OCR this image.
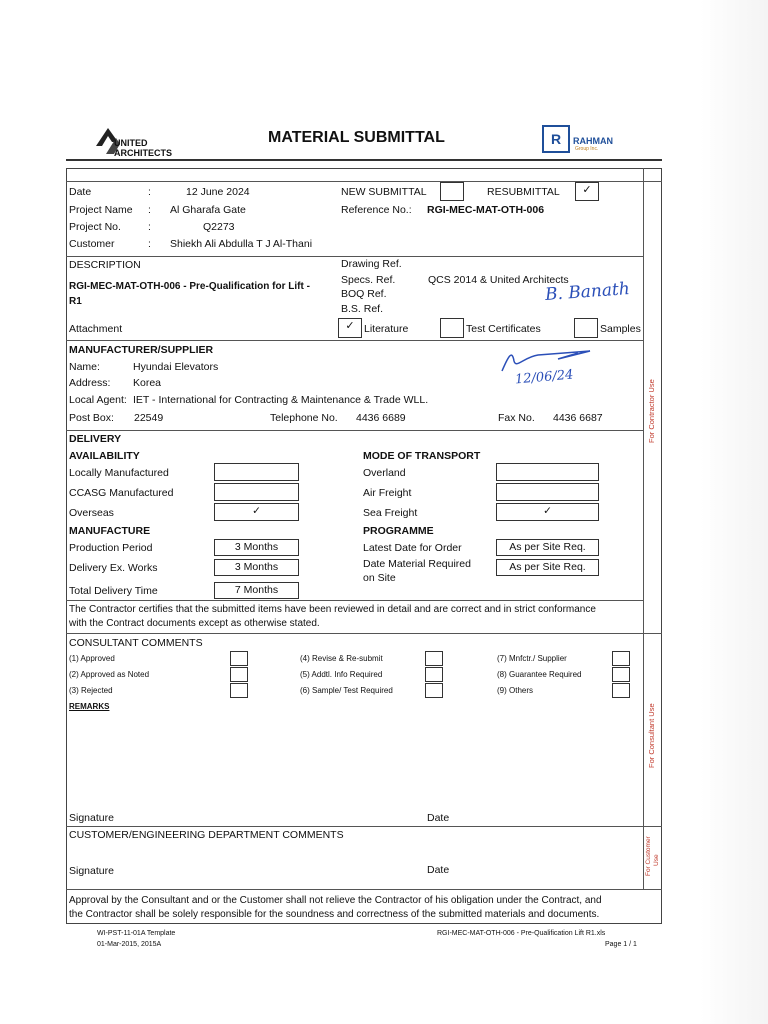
UNITED ARCHITECTS
MATERIAL SUBMITTAL	R	RAHMAN
Group Inc.
Date	:	12 June 2024
Project Name : Al Gharafa Gate
Project No.	:	Q2273
Customer	: Shiekh Ali Abdulla T J Al-Thani
NEW SUBMITTAL	RESUBMITTAL	✓
Reference No.: RGI-MEC-MAT-OTH-006
DESCRIPTION
RGI-MEC-MAT-OTH-006 - Pre-Qualification for Lift -
R1
Drawing Ref.
Specs. Ref.	QCS 2014 & United Architects
BOQ Ref.
B.S. Ref.
B. Banath
Attachment	✓ Literature	Test Certificates	Samples
MANUFACTURER/SUPPLIER
Name:	Hyundai Elevators
Address: Korea
Local Agent: IET - International for Contracting & Maintenance & Trade WLL.
Post Box: 22549	Telephone No. 4436 6689	Fax No. 4436 6687
12/06/24
DELIVERY
AVAILABILITY
Locally Manufactured
CCASG Manufactured
Overseas	✓
MANUFACTURE
Production Period	3 Months
Delivery Ex. Works	3 Months
Total Delivery Time	7 Months
MODE OF TRANSPORT
Overland
Air Freight
Sea Freight	✓
PROGRAMME
Latest Date for Order	As per Site Req.
Date Material Required
on Site
As per Site Req.
The Contractor certifies that the submitted items have been reviewed in detail and are correct and in strict conformance
with the Contract documents except as otherwise stated.
CONSULTANT COMMENTS
(1) Approved
(2) Approved as Noted
(3) Rejected
(4) Revise & Re-submit
(5) Addtl. Info Required
(6) Sample/ Test Required
(7) Mnfctr./ Supplier
(8) Guarantee Required
(9) Others
REMARKS
Signature	Date
CUSTOMER/ENGINEERING DEPARTMENT COMMENTS
Signature	Date
For Contractor Use
For Consultant Use
For Customer Use
Approval by the Consultant and or the Customer shall not relieve the Contractor of his obligation under the Contract, and
the Contractor shall be solely responsible for the soundness and correctness of the submitted materials and documents.
WI-PST-11-01A Template
01-Mar-2015, 2015A
RGI-MEC-MAT-OTH-006 - Pre-Qualification Lift R1.xls
Page 1 / 1
